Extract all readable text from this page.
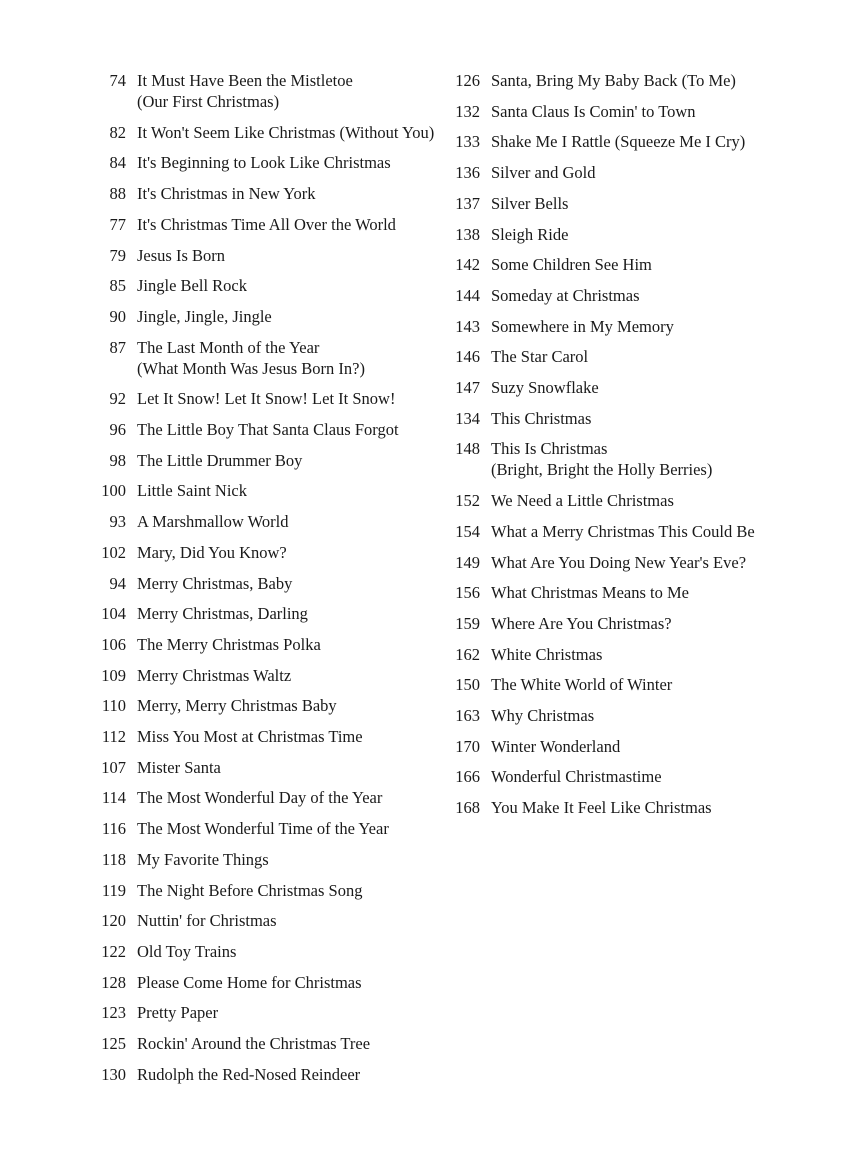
74 It Must Have Been the Mistletoe
(Our First Christmas)
82 It Won't Seem Like Christmas (Without You)
84 It's Beginning to Look Like Christmas
88 It's Christmas in New York
77 It's Christmas Time All Over the World
79 Jesus Is Born
85 Jingle Bell Rock
90 Jingle, Jingle, Jingle
87 The Last Month of the Year
(What Month Was Jesus Born In?)
92 Let It Snow! Let It Snow! Let It Snow!
96 The Little Boy That Santa Claus Forgot
98 The Little Drummer Boy
100 Little Saint Nick
93 A Marshmallow World
102 Mary, Did You Know?
94 Merry Christmas, Baby
104 Merry Christmas, Darling
106 The Merry Christmas Polka
109 Merry Christmas Waltz
110 Merry, Merry Christmas Baby
112 Miss You Most at Christmas Time
107 Mister Santa
114 The Most Wonderful Day of the Year
116 The Most Wonderful Time of the Year
118 My Favorite Things
119 The Night Before Christmas Song
120 Nuttin' for Christmas
122 Old Toy Trains
128 Please Come Home for Christmas
123 Pretty Paper
125 Rockin' Around the Christmas Tree
130 Rudolph the Red-Nosed Reindeer
126 Santa, Bring My Baby Back (To Me)
132 Santa Claus Is Comin' to Town
133 Shake Me I Rattle (Squeeze Me I Cry)
136 Silver and Gold
137 Silver Bells
138 Sleigh Ride
142 Some Children See Him
144 Someday at Christmas
143 Somewhere in My Memory
146 The Star Carol
147 Suzy Snowflake
134 This Christmas
148 This Is Christmas
(Bright, Bright the Holly Berries)
152 We Need a Little Christmas
154 What a Merry Christmas This Could Be
149 What Are You Doing New Year's Eve?
156 What Christmas Means to Me
159 Where Are You Christmas?
162 White Christmas
150 The White World of Winter
163 Why Christmas
170 Winter Wonderland
166 Wonderful Christmastime
168 You Make It Feel Like Christmas
